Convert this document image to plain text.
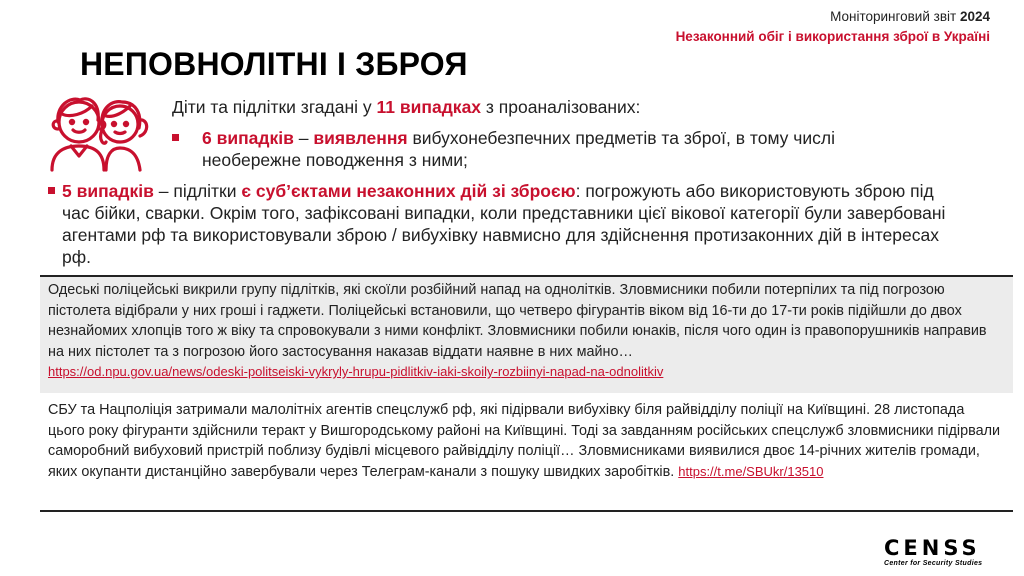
Моніторинговий звіт 2024
Незаконний обіг і використання зброї в Україні
НЕПОВНОЛІТНІ І ЗБРОЯ
Діти та підлітки згадані у 11 випадках з проаналізованих:
6 випадків – виявлення вибухонебезпечних предметів та зброї, в тому числі необережне поводження з ними;
5 випадків – підлітки є суб’єктами незаконних дій зі зброєю: погрожують або використовують зброю під час бійки, сварки. Окрім того, зафіксовані випадки, коли представники цієї вікової категорії були завербовані агентами рф та використовували зброю / вибухівку навмисно для здійснення протизаконних дій в інтересах рф.
Одеські поліцейські викрили групу підлітків, які скоїли розбійний напад на однолітків. Зловмисники побили потерпілих та під погрозою пістолета відібрали у них гроші і гаджети. Поліцейські встановили, що четверо фігурантів віком від 16-ти до 17-ти років підійшли до двох незнайомих хлопців того ж віку та спровокували з ними конфлікт. Зловмисники побили юнаків, після чого один із правопорушників направив на них пістолет та з погрозою його застосування наказав віддати наявне в них майно…
https://od.npu.gov.ua/news/odeski-politseiski-vykryly-hrupu-pidlitkiv-iaki-skoily-rozbiinyi-napad-na-odnolitkiv
СБУ та Нацполіція затримали малолітніх агентів спецслужб рф, які підірвали вибухівку біля райвідділу поліції на Київщині. 28 листопада цього року фігуранти здійснили теракт у Вишгородському районі на Київщині. Тоді за завданням російських спецслужб зловмисники підірвали саморобний вибуховий пристрій поблизу будівлі місцевого райвідділу поліції… Зловмисниками виявилися двоє 14-річних жителів громади, яких окупанти дистанційно завербували через Телеграм-канали з пошуку швидких заробітків. https://t.me/SBUkr/13510
CENSS
Center for Security Studies
